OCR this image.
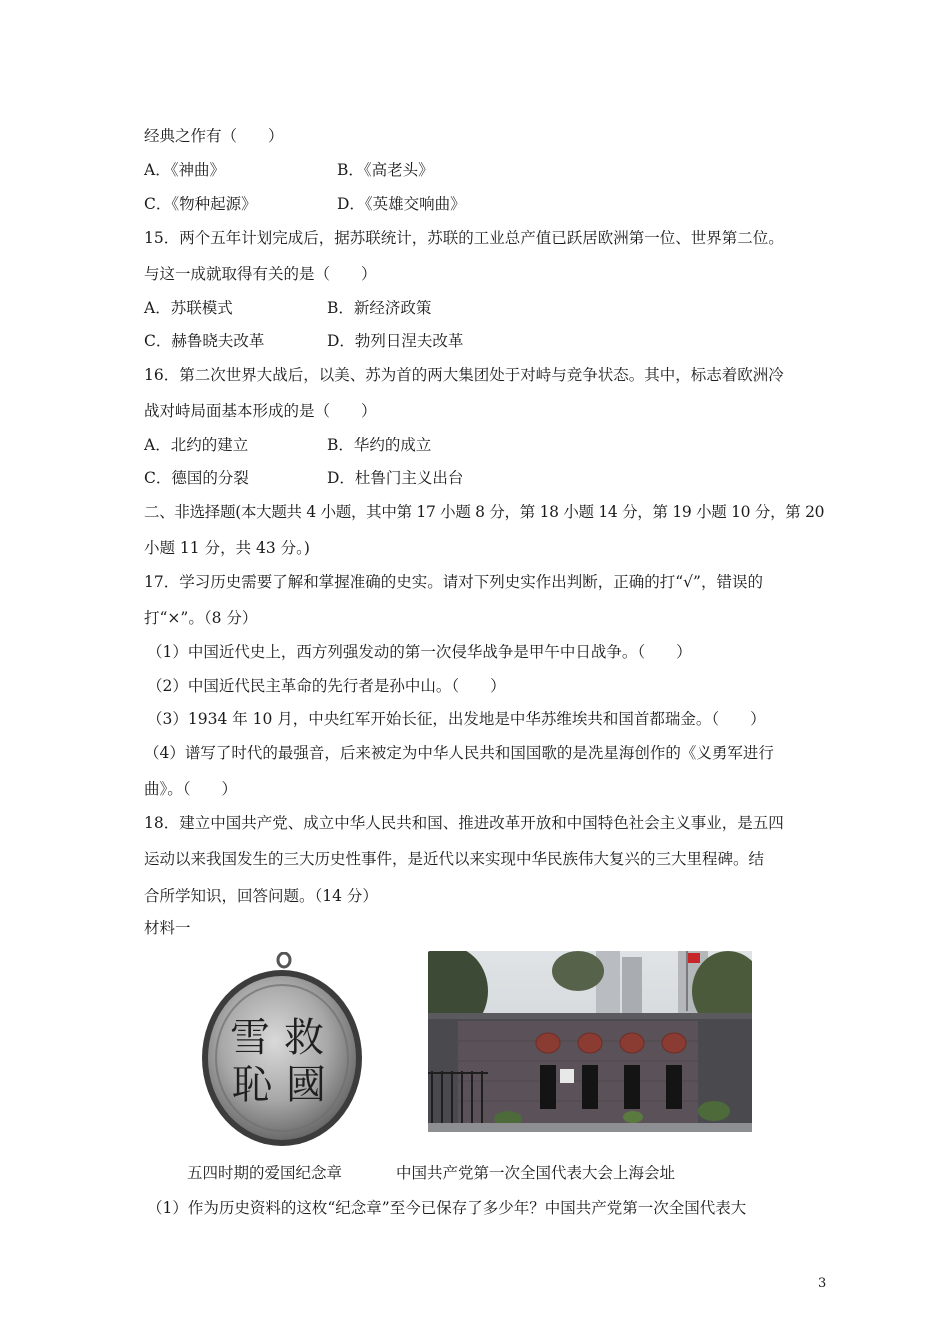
经典之作有（　　）
A．《神曲》	B．《高老头》
C．《物种起源》	D．《英雄交响曲》
15．两个五年计划完成后，据苏联统计，苏联的工业总产值已跃居欧洲第一位、世界第二位。
与这一成就取得有关的是（　　）
A．苏联模式	B．新经济政策
C．赫鲁晓夫改革	D．勃列日涅夫改革
16．第二次世界大战后，以美、苏为首的两大集团处于对峙与竞争状态。其中，标志着欧洲冷
战对峙局面基本形成的是（　　）
A．北约的建立	B．华约的成立
C．德国的分裂	D．杜鲁门主义出台
二、非选择题(本大题共 4 小题，其中第 17 小题 8 分，第 18 小题 14 分，第 19 小题 10 分，第 20
小题 11 分，共 43 分。)
17．学习历史需要了解和掌握准确的史实。请对下列史实作出判断，正确的打“√”，错误的
打“×”。（8 分）
（1）中国近代史上，西方列强发动的第一次侵华战争是甲午中日战争。（　　）
（2）中国近代民主革命的先行者是孙中山。（　　）
（3）1934 年 10 月，中央红军开始长征，出发地是中华苏维埃共和国首都瑞金。（　　）
（4）谱写了时代的最强音，后来被定为中华人民共和国国歌的是冼星海创作的《义勇军进行
曲》。（　　）
18．建立中国共产党、成立中华人民共和国、推进改革开放和中国特色社会主义事业，是五四
运动以来我国发生的三大历史性事件，是近代以来实现中华民族伟大复兴的三大里程碑。结
合所学知识，回答问题。（14 分）
材料一
雪 救
恥 國
五四时期的爱国纪念章	中国共产党第一次全国代表大会上海会址
（1）作为历史资料的这枚“纪念章”至今已保存了多少年？中国共产党第一次全国代表大
3
